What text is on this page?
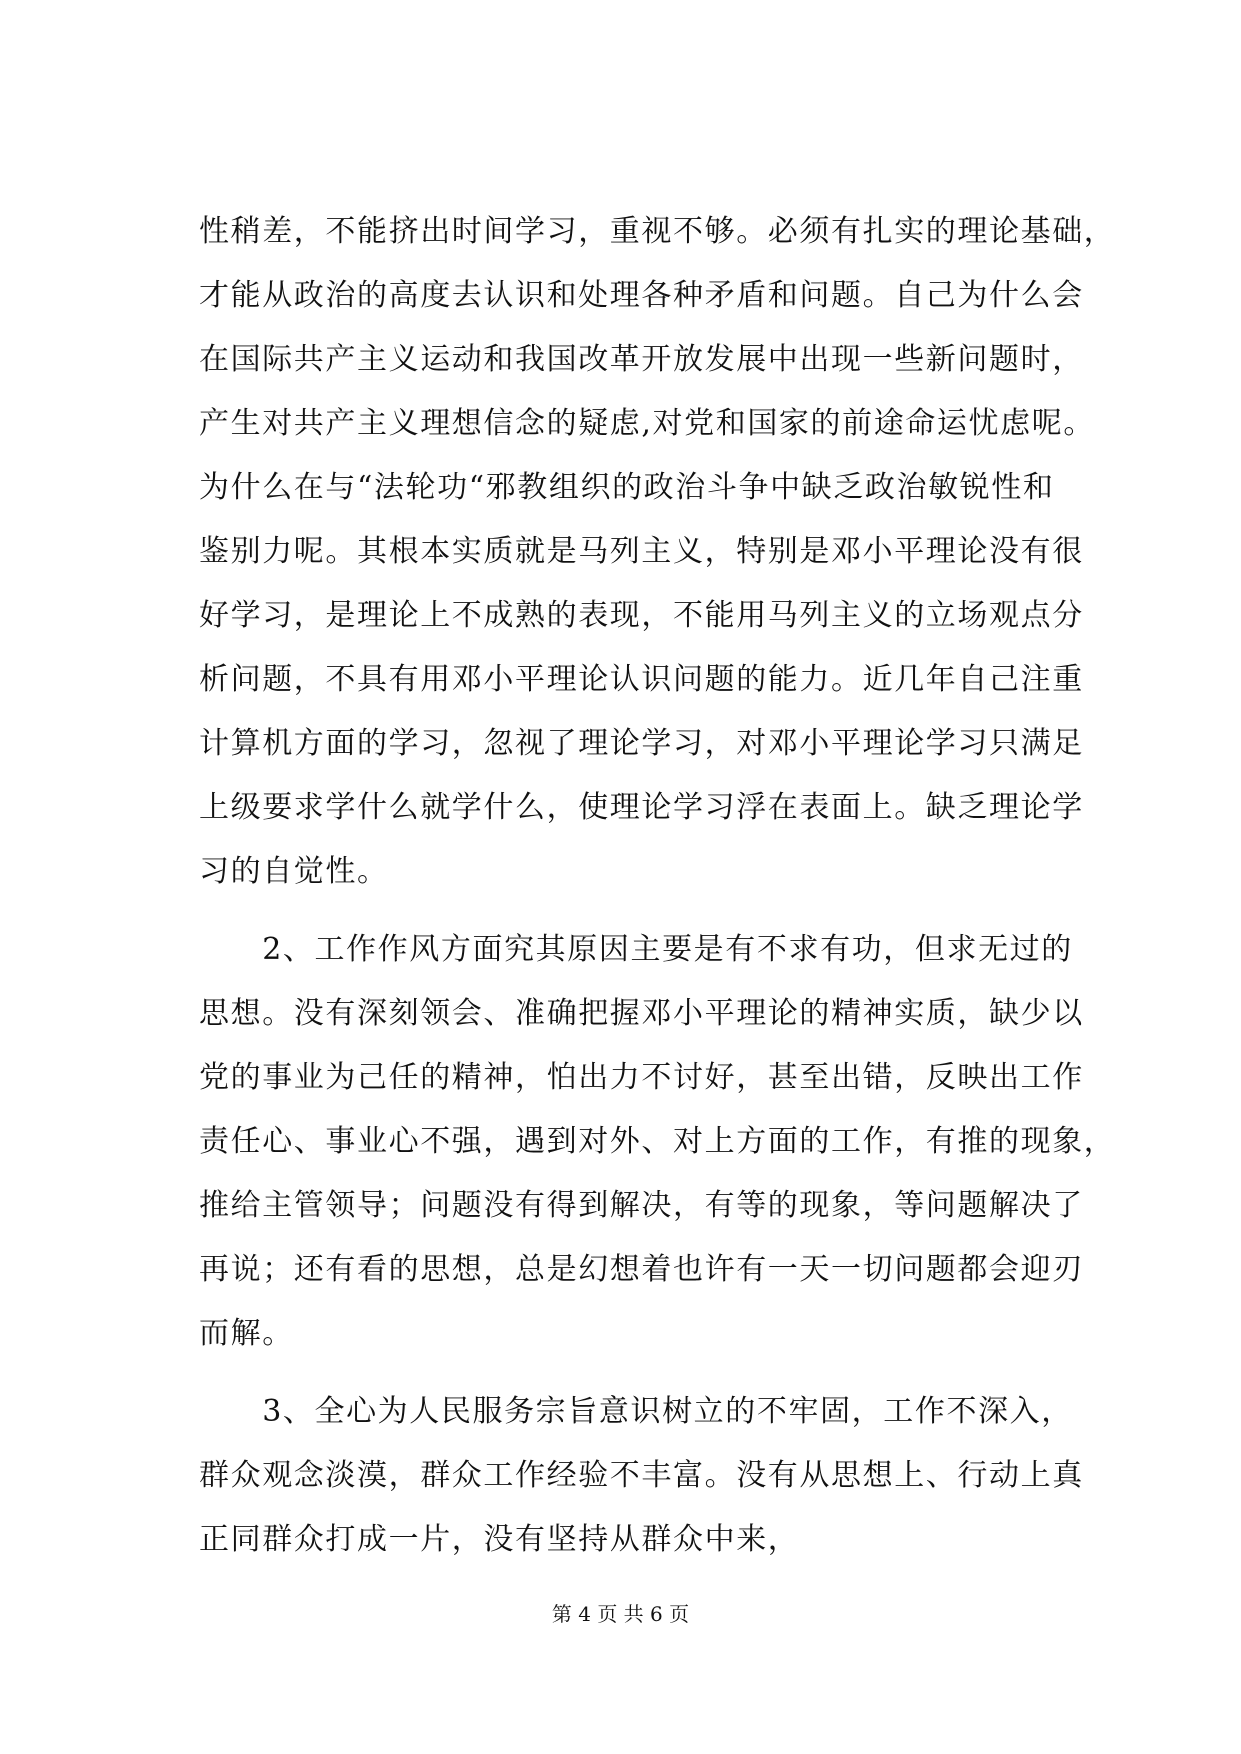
性稍差，不能挤出时间学习，重视不够。必须有扎实的理论基础，
才能从政治的高度去认识和处理各种矛盾和问题。自己为什么会
在国际共产主义运动和我国改革开放发展中出现一些新问题时，
产生对共产主义理想信念的疑虑,对党和国家的前途命运忧虑呢。
为什么在与“法轮功“邪教组织的政治斗争中缺乏政治敏锐性和
鉴别力呢。其根本实质就是马列主义，特别是邓小平理论没有很
好学习，是理论上不成熟的表现，不能用马列主义的立场观点分
析问题，不具有用邓小平理论认识问题的能力。近几年自己注重
计算机方面的学习，忽视了理论学习，对邓小平理论学习只满足
上级要求学什么就学什么，使理论学习浮在表面上。缺乏理论学
习的自觉性。
　　2、工作作风方面究其原因主要是有不求有功，但求无过的
思想。没有深刻领会、准确把握邓小平理论的精神实质，缺少以
党的事业为己任的精神，怕出力不讨好，甚至出错，反映出工作
责任心、事业心不强，遇到对外、对上方面的工作，有推的现象，
推给主管领导；问题没有得到解决，有等的现象，等问题解决了
再说；还有看的思想，总是幻想着也许有一天一切问题都会迎刃
而解。
　　3、全心为人民服务宗旨意识树立的不牢固，工作不深入，
群众观念淡漠，群众工作经验不丰富。没有从思想上、行动上真
正同群众打成一片，没有坚持从群众中来，
第 4 页 共 6 页
